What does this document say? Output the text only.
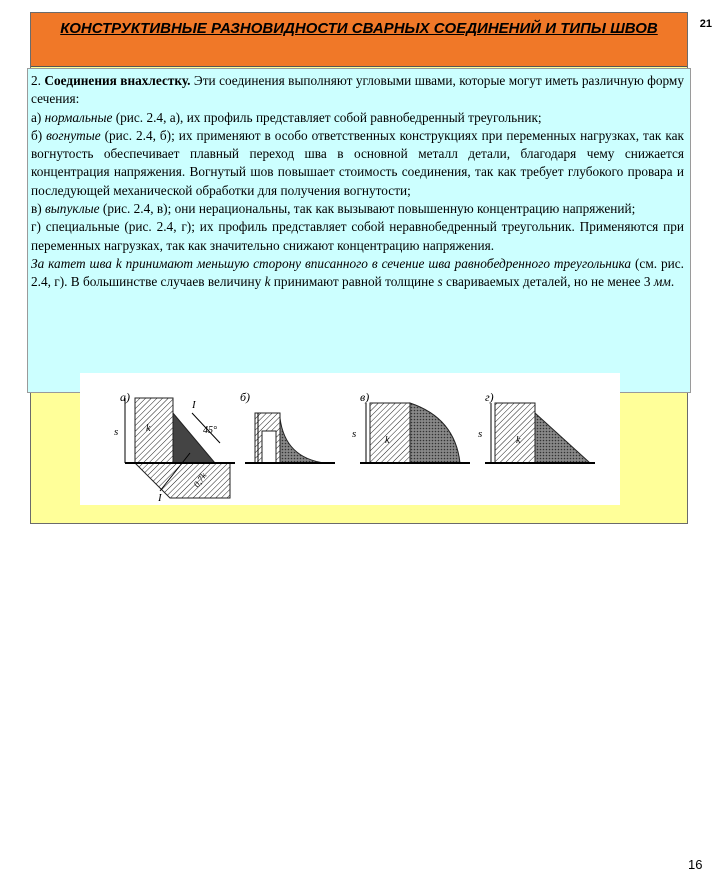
21
КОНСТРУКТИВНЫЕ РАЗНОВИДНОСТИ СВАРНЫХ СОЕДИНЕНИЙ И ТИПЫ ШВОВ

2. Соединения внахлестку. Эти соединения выполняют угловыми швами, которые могут иметь различную форму сечения:

а) нормальные (рис. 2.4, а), их профиль представляет собой равнобедренный треугольник;

б) вогнутые (рис. 2.4, б); их применяют в особо ответственных конструкциях при переменных нагрузках, так как вогнутость обеспечивает плавный переход шва в основной металл детали, благодаря чему снижается концентрация напряжения. Вогнутый шов повышает стоимость соединения, так как требует глубокого провара и последующей механической обработки для получения вогнутости;

в) выпуклые (рис. 2.4, в); они нерациональны, так как вызывают повышенную концентрацию напряжений;

г) специальные (рис. 2.4, г); их профиль представляет собой неравнобедренный треугольник. Применяются при переменных нагрузках, так как значительно снижают концентрацию напряжения.

За катет шва k принимают меньшую сторону вписанного в сечение шва равнобедренного треугольника (см. рис. 2.4, г). В большинстве случаев величину k принимают равной толщине s свариваемых деталей, но не менее 3 мм.

а)
s	k
I
45°
I
0,7k
б)	в)
s
k
г)
s
k
16
